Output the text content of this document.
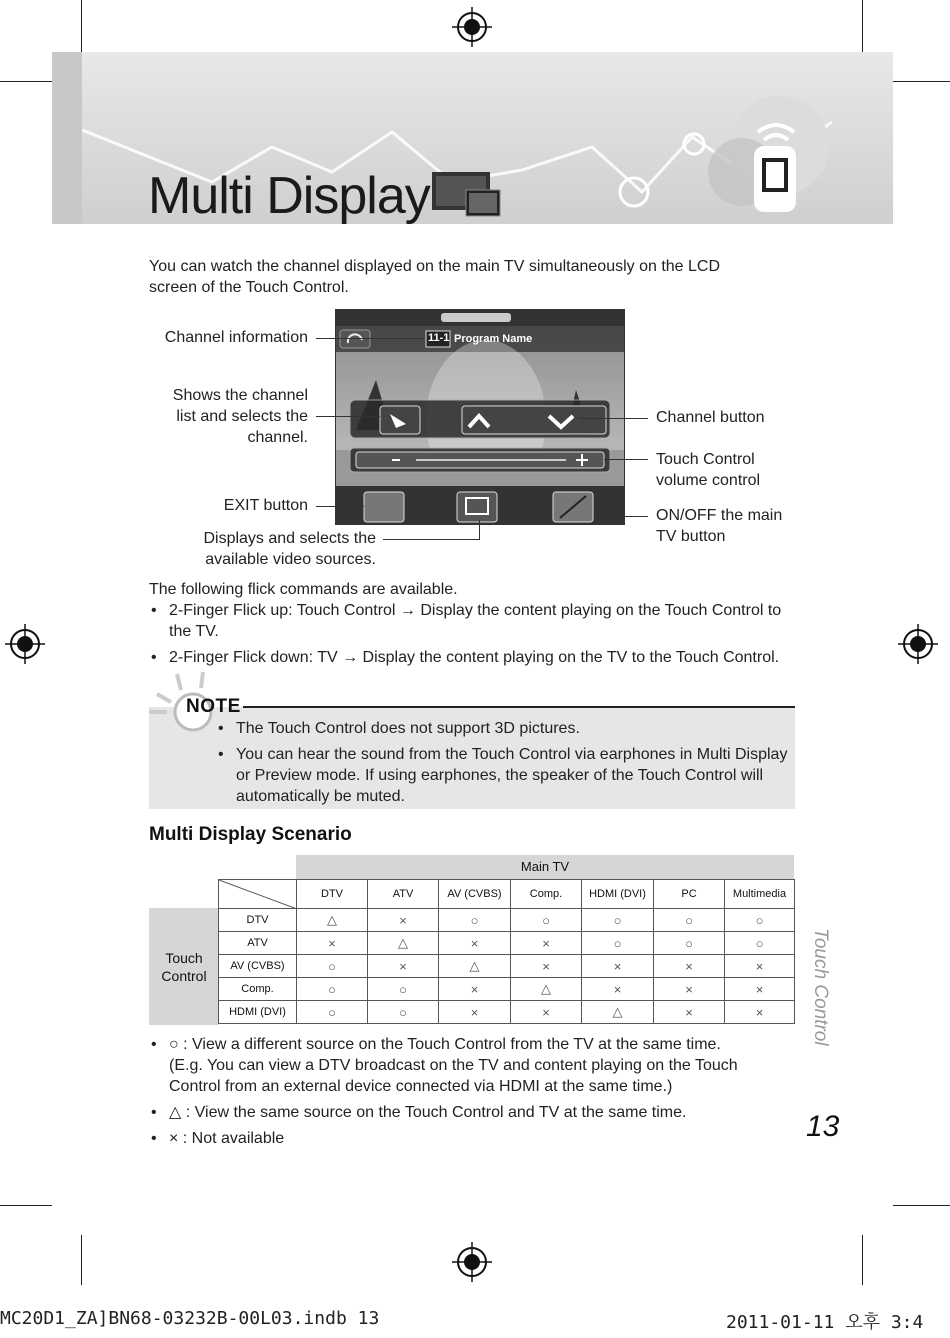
Multi Display
You can watch the channel displayed on the main TV simultaneously on the LCD screen of the Touch Control.
11-1 Program Name
Channel information
Shows the channel list and selects the channel.
EXIT button
Displays and selects the available video sources.
Channel button
Touch Control volume control
ON/OFF the main TV button
The following flick commands are available.
• 2-Finger Flick up: Touch Control → Display the content playing on the Touch Control to the TV.
• 2-Finger Flick down: TV → Display the content playing on the TV to the Touch Control.
NOTE
• The Touch Control does not support 3D pictures.
• You can hear the sound from the Touch Control via earphones in Multi Display or Preview mode. If using earphones, the speaker of the Touch Control will automatically be muted.
Multi Display Scenario
Main TV
Touch Control
	DTV	ATV	AV (CVBS)	Comp.	HDMI (DVI)	PC	Multimedia
DTV	△	×	○	○	○	○	○
ATV	×	△	×	×	○	○	○
AV (CVBS)	○	×	△	×	×	×	×
Comp.	○	○	×	△	×	×	×
HDMI (DVI)	○	○	×	×	△	×	×
• ○ : View a different source on the Touch Control from the TV at the same time.
(E.g. You can view a DTV broadcast on the TV and content playing on the Touch Control from an external device connected via HDMI at the same time.)
• △ : View the same source on the Touch Control and TV at the same time.
• × : Not available
Touch Control
13
MC20D1_ZA]BN68-03232B-00L03.indb 13	2011-01-11 오후 3:4
